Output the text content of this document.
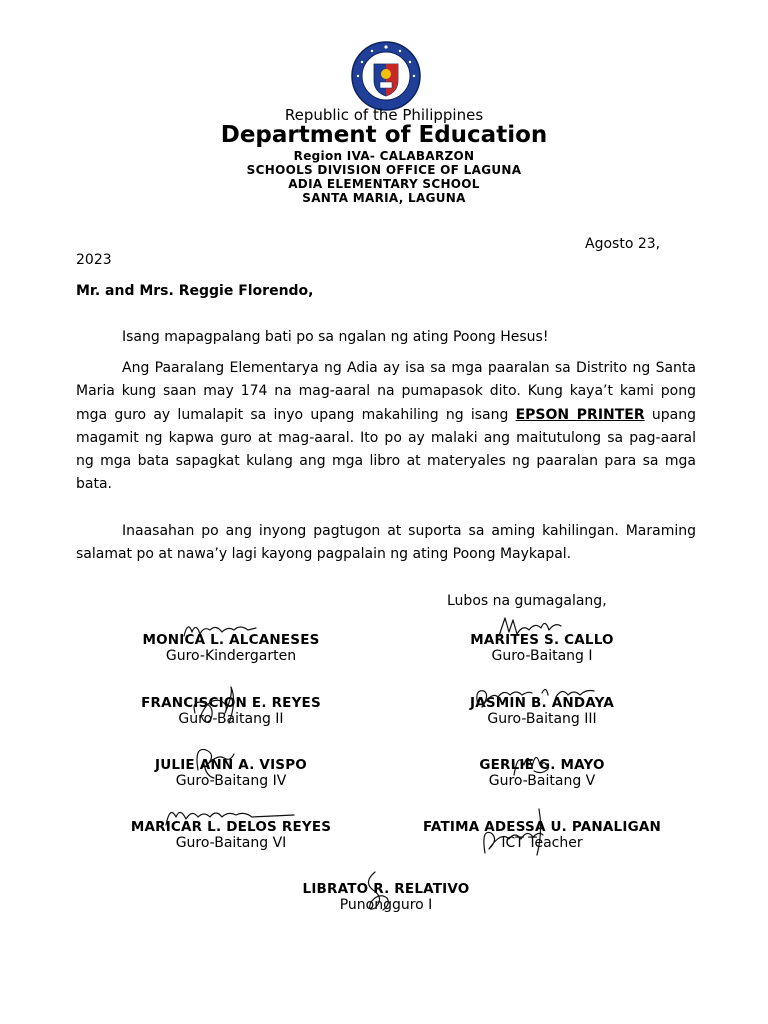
Republic of the Philippines
Department of Education
Region IVA- CALABARZON
SCHOOLS DIVISION OFFICE OF LAGUNA
ADIA ELEMENTARY SCHOOL
SANTA MARIA, LAGUNA
Agosto 23,
2023
Mr. and Mrs. Reggie Florendo,
Isang mapagpalang bati po sa ngalan ng ating Poong Hesus!
Ang Paaralang Elementarya ng Adia ay isa sa mga paaralan sa Distrito ng Santa Maria kung saan may 174 na mag-aaral na pumapasok dito. Kung kaya’t kami pong mga guro ay lumalapit sa inyo upang makahiling ng isang EPSON PRINTER upang magamit ng kapwa guro at mag-aaral. Ito po ay malaki ang maitutulong sa pag-aaral ng mga bata sapagkat kulang ang mga libro at materyales ng paaralan para sa mga bata.
Inaasahan po ang inyong pagtugon at suporta sa aming kahilingan. Maraming salamat po at nawa’y lagi kayong pagpalain ng ating Poong Maykapal.
Lubos na gumagalang,
MONICA L. ALCANESES
Guro-Kindergarten
MARITES S. CALLO
Guro-Baitang I
FRANCISCION E. REYES
Guro-Baitang II
JASMIN B. ANDAYA
Guro-Baitang III
JULIE ANN A. VISPO
Guro-Baitang IV
GERLIE G. MAYO
Guro-Baitang V
MARICAR L. DELOS REYES
Guro-Baitang VI
FATIMA ADESSA U. PANALIGAN
ICT Teacher
LIBRATO R. RELATIVO
Punongguro I
